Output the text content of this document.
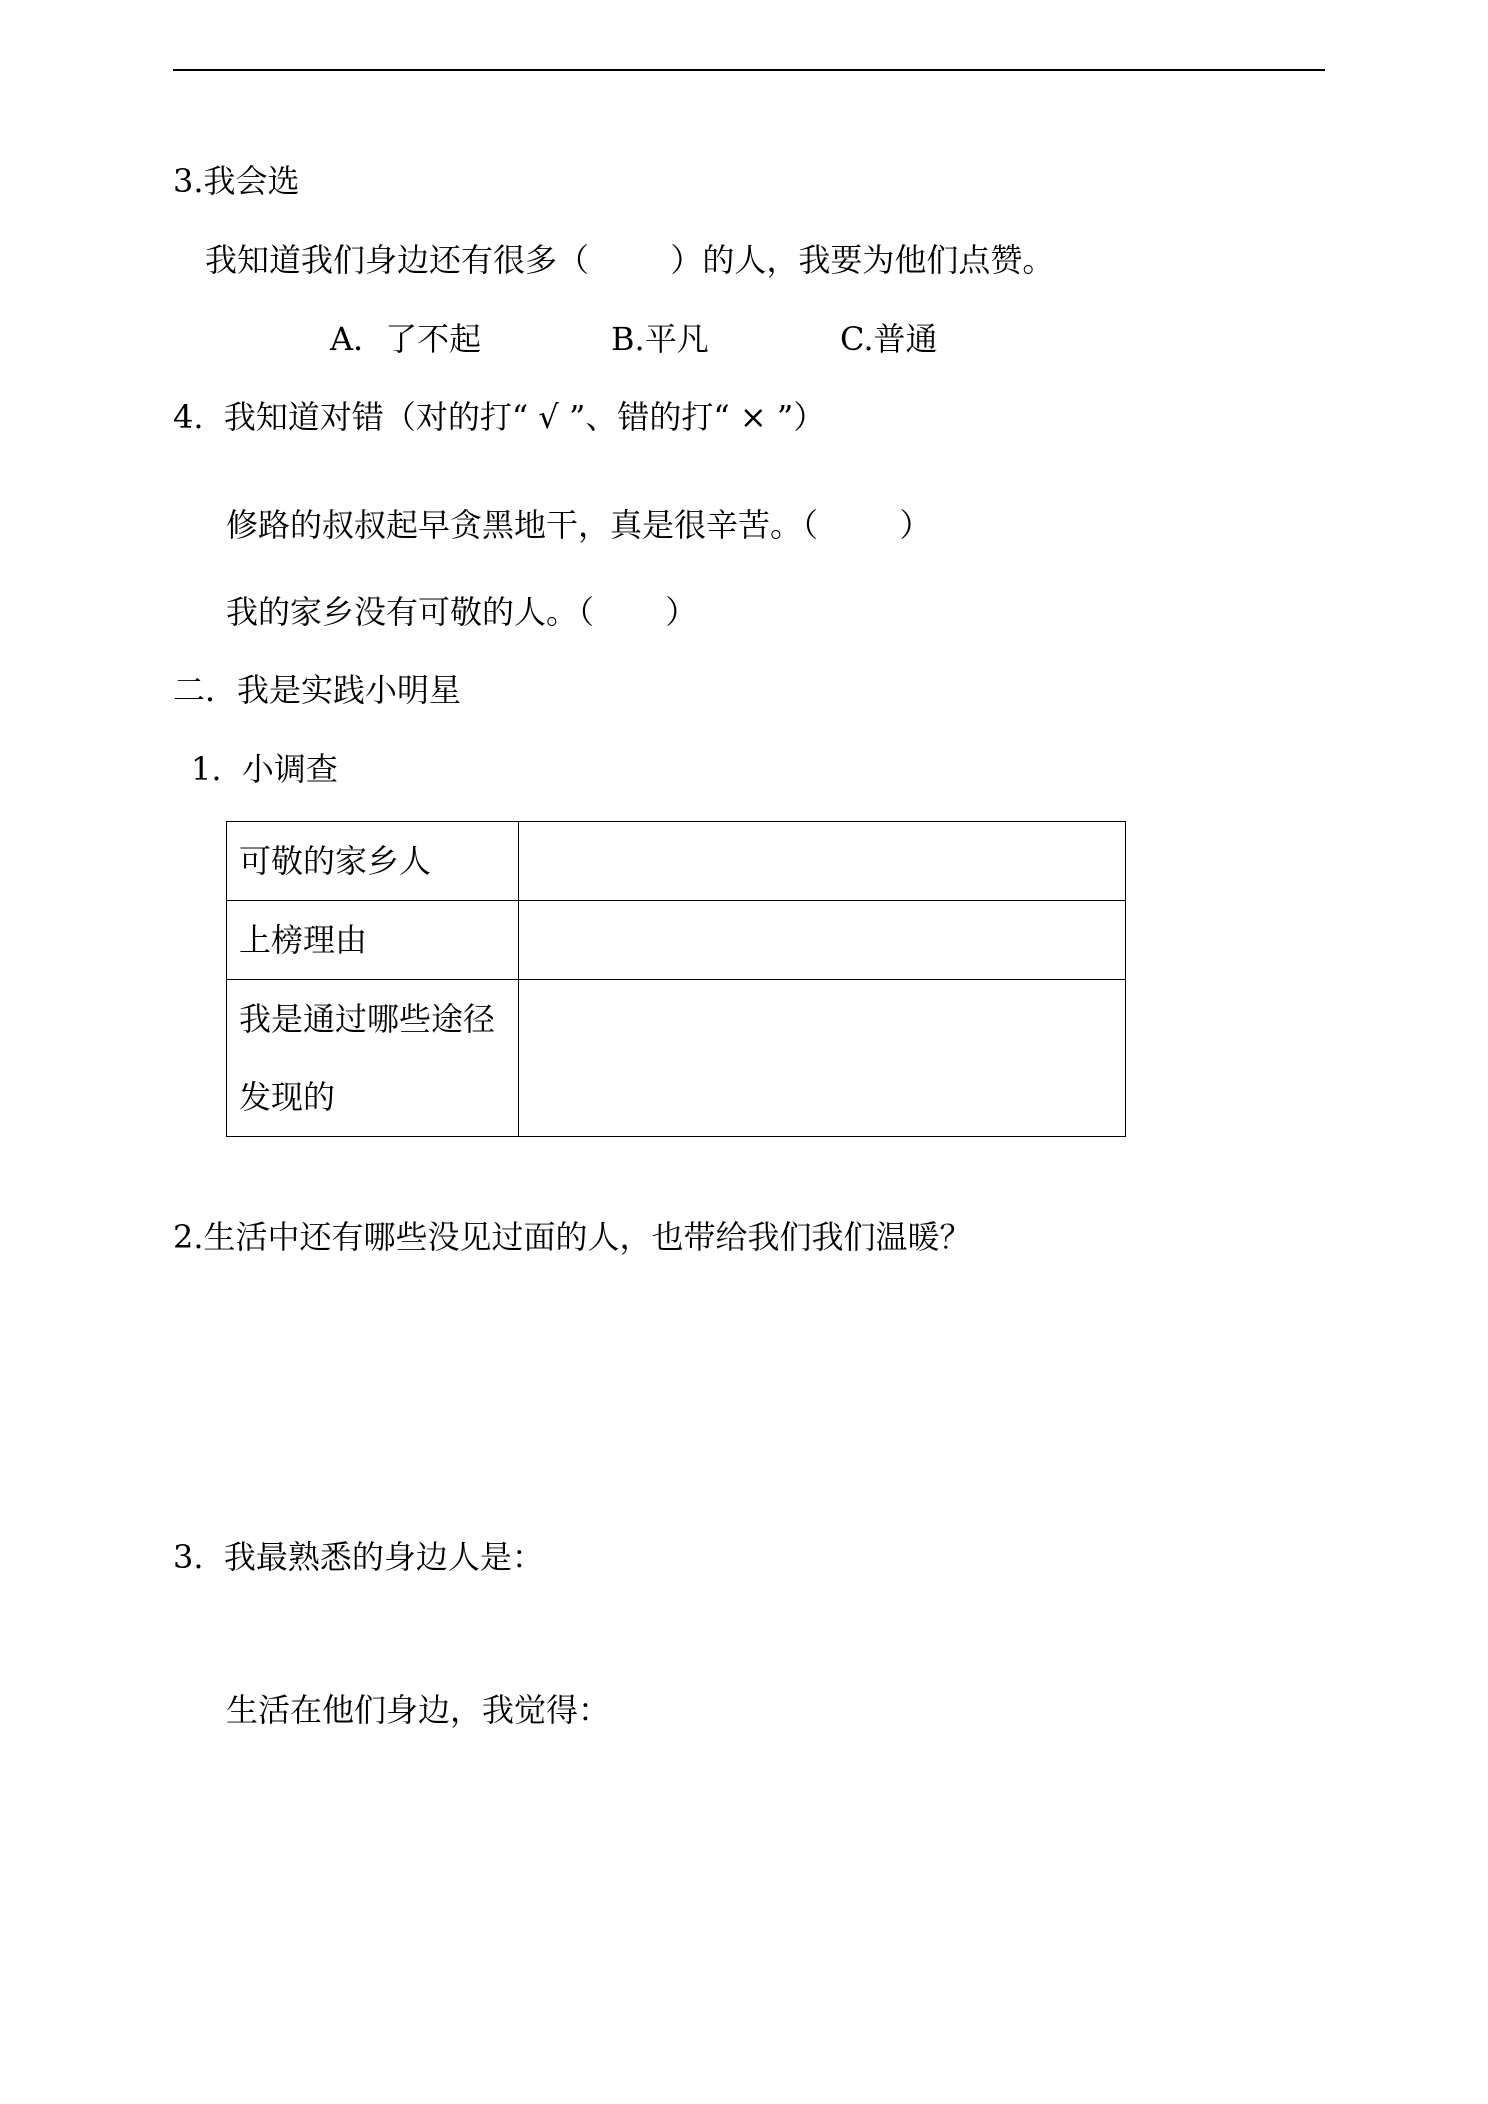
3.我会选
我知道我们身边还有很多（        ）的人，我要为他们点赞。
A．了不起	B.平凡	C.普通
4.  我知道对错（对的打“ √ ”、错的打“ × ”）
修路的叔叔起早贪黑地干，真是很辛苦。（        ）
我的家乡没有可敬的人。（       ）
二．我是实践小明星
1.  小调查
可敬的家乡人	
上榜理由	
我是通过哪些途径发现的	
2.生活中还有哪些没见过面的人，也带给我们我们温暖？
3.  我最熟悉的身边人是：
生活在他们身边，我觉得：
